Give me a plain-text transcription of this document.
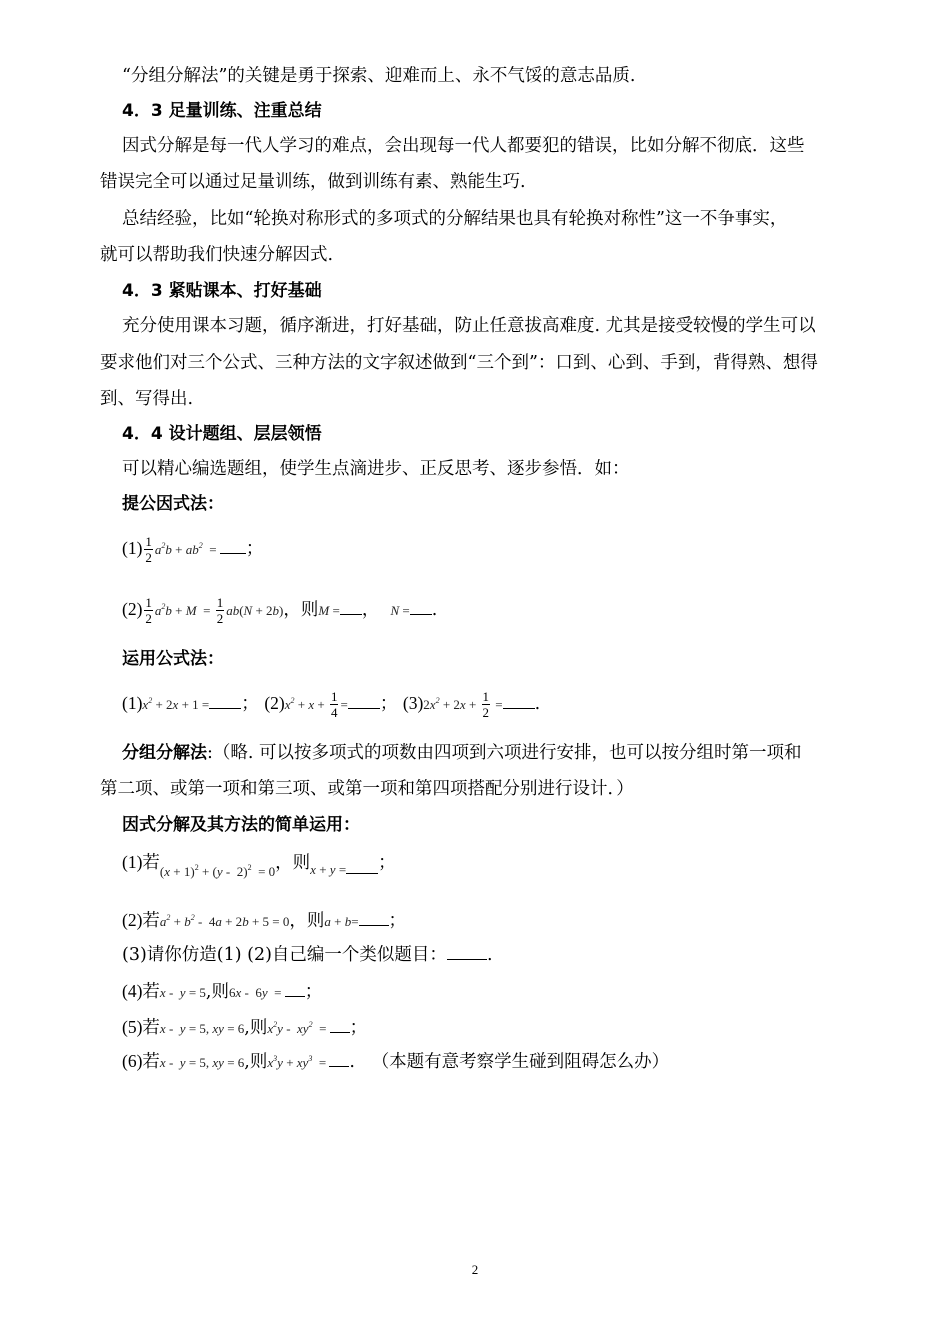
“分组分解法”的关键是勇于探索、迎难而上、永不气馁的意志品质.
4．3 足量训练、注重总结
因式分解是每一代人学习的难点，会出现每一代人都要犯的错误，比如分解不彻底．这些
错误完全可以通过足量训练，做到训练有素、熟能生巧.
总结经验，比如“轮换对称形式的多项式的分解结果也具有轮换对称性”这一不争事实，
就可以帮助我们快速分解因式.
4．3 紧贴课本、打好基础
充分使用课本习题，循序渐进，打好基础，防止任意拔高难度. 尤其是接受较慢的学生可以
要求他们对三个公式、三种方法的文字叙述做到“三个到”：口到、心到、手到，背得熟、想得
到、写得出.
4．4 设计题组、层层领悟
可以精心编选题组，使学生点滴进步、正反思考、逐步参悟．如：
提公因式法：
$(1) \frac{1}{2} a^2b + ab^2$  = ；
$(2) \frac{1}{2} a^2b + M = \frac{1}{2} ab(N + 2b)$，则M = ，  N = .
运用公式法：
$(1)x^2 + 2x + 1$ = ； $(2)x^2 + x + \frac{1}{4}$ = ； $(3)2x^2 + 2x + \frac{1}{2}$ = .
分组分解法:（略. 可以按多项式的项数由四项到六项进行安排，也可以按分组时第一项和
第二项、或第一项和第三项、或第一项和第四项搭配分别进行设计．）
因式分解及其方法的简单运用：
(1)若$(x + 1)^2 + (y - 2)^2 = 0$，则x + y = ；
(2)若$a^2 + b^2 - 4a + 2b + 5 = 0$，则a + b= ；
(3)请你仿造(1) (2)自己编一个类似题目： .
(4)若x -  y = 5,则6x -  6y  = ；
(5)若x -  y = 5, xy = 6,则$x^2y - xy^2$  = ；
(6)若x -  y = 5, xy = 6,则$x^3y + xy^3$  = .   （本题有意考察学生碰到阻碍怎么办）
2
